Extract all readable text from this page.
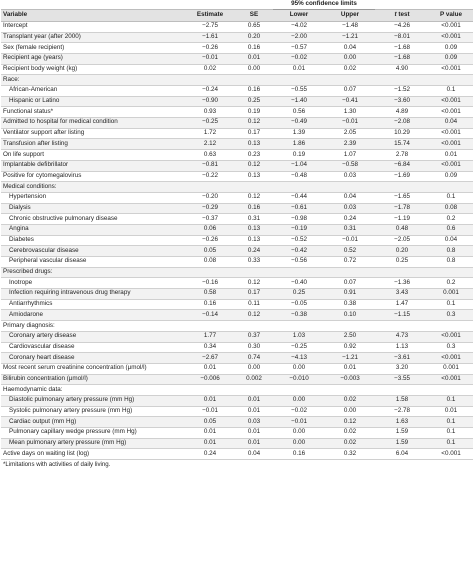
			95% confidence limits			
Variable	Estimate	SE	Lower	Upper	t test	P value
Intercept	−2.75	0.65	−4.02	−1.48	−4.26	<0.001
Transplant year (after 2000)	−1.61	0.20	−2.00	−1.21	−8.01	<0.001
Sex (female recipient)	−0.26	0.16	−0.57	0.04	−1.68	0.09
Recipient age (years)	−0.01	0.01	−0.02	0.00	−1.68	0.09
Recipient body weight (kg)	0.02	0.00	0.01	0.02	4.90	<0.001
Race:						
African-American	−0.24	0.16	−0.55	0.07	−1.52	0.1
Hispanic or Latino	−0.90	0.25	−1.40	−0.41	−3.60	<0.001
Functional status*	0.93	0.19	0.56	1.30	4.89	<0.001
Admitted to hospital for medical condition	−0.25	0.12	−0.49	−0.01	−2.08	0.04
Ventilator support after listing	1.72	0.17	1.39	2.05	10.29	<0.001
Transfusion after listing	2.12	0.13	1.86	2.39	15.74	<0.001
On life support	0.63	0.23	0.19	1.07	2.78	0.01
Implantable defibrillator	−0.81	0.12	−1.04	−0.58	−6.84	<0.001
Positive for cytomegalovirus	−0.22	0.13	−0.48	0.03	−1.69	0.09
Medical conditions:						
Hypertension	−0.20	0.12	−0.44	0.04	−1.65	0.1
Dialysis	−0.29	0.16	−0.61	0.03	−1.78	0.08
Chronic obstructive pulmonary disease	−0.37	0.31	−0.98	0.24	−1.19	0.2
Angina	0.06	0.13	−0.19	0.31	0.48	0.6
Diabetes	−0.26	0.13	−0.52	−0.01	−2.05	0.04
Cerebrovascular disease	0.05	0.24	−0.42	0.52	0.20	0.8
Peripheral vascular disease	0.08	0.33	−0.56	0.72	0.25	0.8
Prescribed drugs:						
Inotrope	−0.16	0.12	−0.40	0.07	−1.36	0.2
Infection requiring intravenous drug therapy	0.58	0.17	0.25	0.91	3.43	0.001
Antiarrhythmics	0.16	0.11	−0.05	0.38	1.47	0.1
Amiodarone	−0.14	0.12	−0.38	0.10	−1.15	0.3
Primary diagnosis:						
Coronary artery disease	1.77	0.37	1.03	2.50	4.73	<0.001
Cardiovascular disease	0.34	0.30	−0.25	0.92	1.13	0.3
Coronary heart disease	−2.67	0.74	−4.13	−1.21	−3.61	<0.001
Most recent serum creatinine concentration (μmol/l)	0.01	0.00	0.00	0.01	3.20	0.001
Bilirubin concentration (μmol/l)	−0.006	0.002	−0.010	−0.003	−3.55	<0.001
Haemodynamic data:						
Diastolic pulmonary artery pressure (mm Hg)	0.01	0.01	0.00	0.02	1.58	0.1
Systolic pulmonary artery pressure (mm Hg)	−0.01	0.01	−0.02	0.00	−2.78	0.01
Cardiac output (mm Hg)	0.05	0.03	−0.01	0.12	1.63	0.1
Pulmonary capillary wedge pressure (mm Hg)	0.01	0.01	0.00	0.02	1.59	0.1
Mean pulmonary artery pressure (mm Hg)	0.01	0.01	0.00	0.02	1.59	0.1
Active days on waiting list (log)	0.24	0.04	0.16	0.32	6.04	<0.001
*Limitations with activities of daily living.
